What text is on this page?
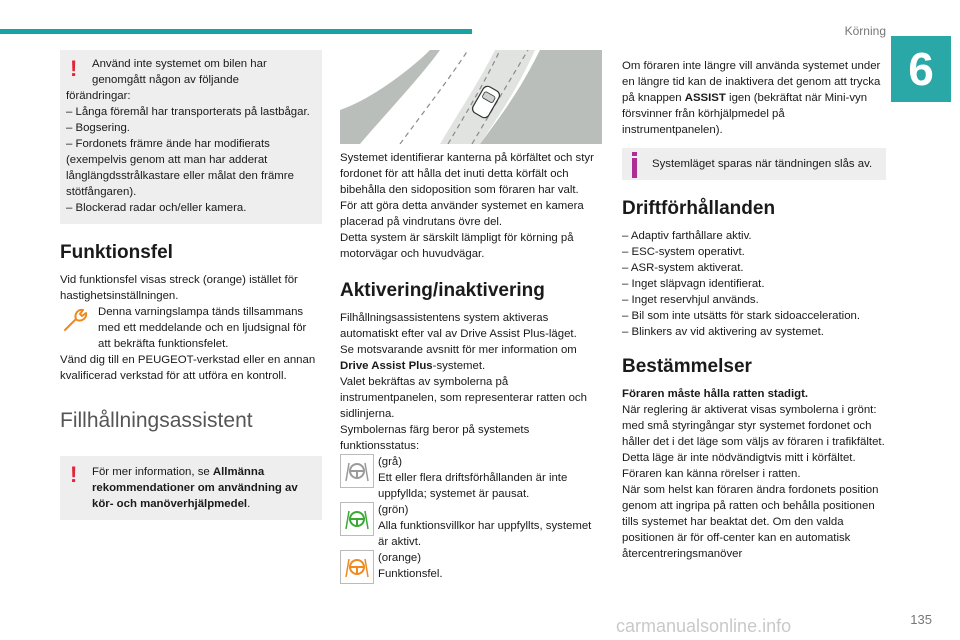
Körning
6
!	Använd inte systemet om bilen har genomgått någon av följande
förändringar:
– Långa föremål har transporterats på lastbågar.
– Bogsering.
– Fordonets främre ände har modifierats (exempelvis genom att man har adderat långlängdsstrålkastare eller målat den främre stötfångaren).
– Blockerad radar och/eller kamera.
Funktionsfel

Vid funktionsfel visas streck (orange) istället för hastighetsinställningen.

Denna varningslampa tänds tillsammans med ett meddelande och en ljudsignal för att bekräfta funktionsfelet.

Vänd dig till en PEUGEOT-verkstad eller en annan kvalificerad verkstad för att utföra en kontroll.

Fillhållningsassistent
!	För mer information, se Allmänna rekommendationer om användning av kör- och manöverhjälpmedel.

Systemet identifierar kanterna på körfältet och styr fordonet för att hålla det inuti detta körfält och bibehålla den sidoposition som föraren har valt.

För att göra detta använder systemet en kamera placerad på vindrutans övre del.

Detta system är särskilt lämpligt för körning på motorvägar och huvudvägar.

Aktivering/inaktivering

Filhållningsassistentens system aktiveras automatiskt efter val av Drive Assist Plus-läget.

Se motsvarande avsnitt för mer information om Drive Assist Plus-systemet.

Valet bekräftas av symbolerna på instrumentpanelen, som representerar ratten och sidlinjerna.

Symbolernas färg beror på systemets funktionsstatus:

(grå)
Ett eller flera driftsförhållanden är inte uppfyllda; systemet är pausat.
(grön)
Alla funktionsvillkor har uppfyllts, systemet är aktivt.
(orange)
Funktionsfel.

Om föraren inte längre vill använda systemet under en längre tid kan de inaktivera det genom att trycka på knappen ASSIST igen (bekräftat när Mini-vyn försvinner från körhjälpmedel på instrumentpanelen).

Systemläget sparas när tändningen slås av.
Driftförhållanden
– Adaptiv farthållare aktiv.
– ESC-system operativt.
– ASR-system aktiverat.
– Inget släpvagn identifierat.
– Inget reservhjul används.
– Bil som inte utsätts för stark sidoacceleration.
– Blinkers av vid aktivering av systemet.
Bestämmelser

Föraren måste hålla ratten stadigt.

När reglering är aktiverat visas symbolerna i grönt: med små styringångar styr systemet fordonet och håller det i det läge som väljs av föraren i trafikfältet. Detta läge är inte nödvändigtvis mitt i körfältet.

Föraren kan känna rörelser i ratten.

När som helst kan föraren ändra fordonets position genom att ingripa på ratten och behålla positionen tills systemet har beaktat det. Om den valda positionen är för off-center kan en automatisk återcentreringsmanöver

135
carmanualsonline.info
